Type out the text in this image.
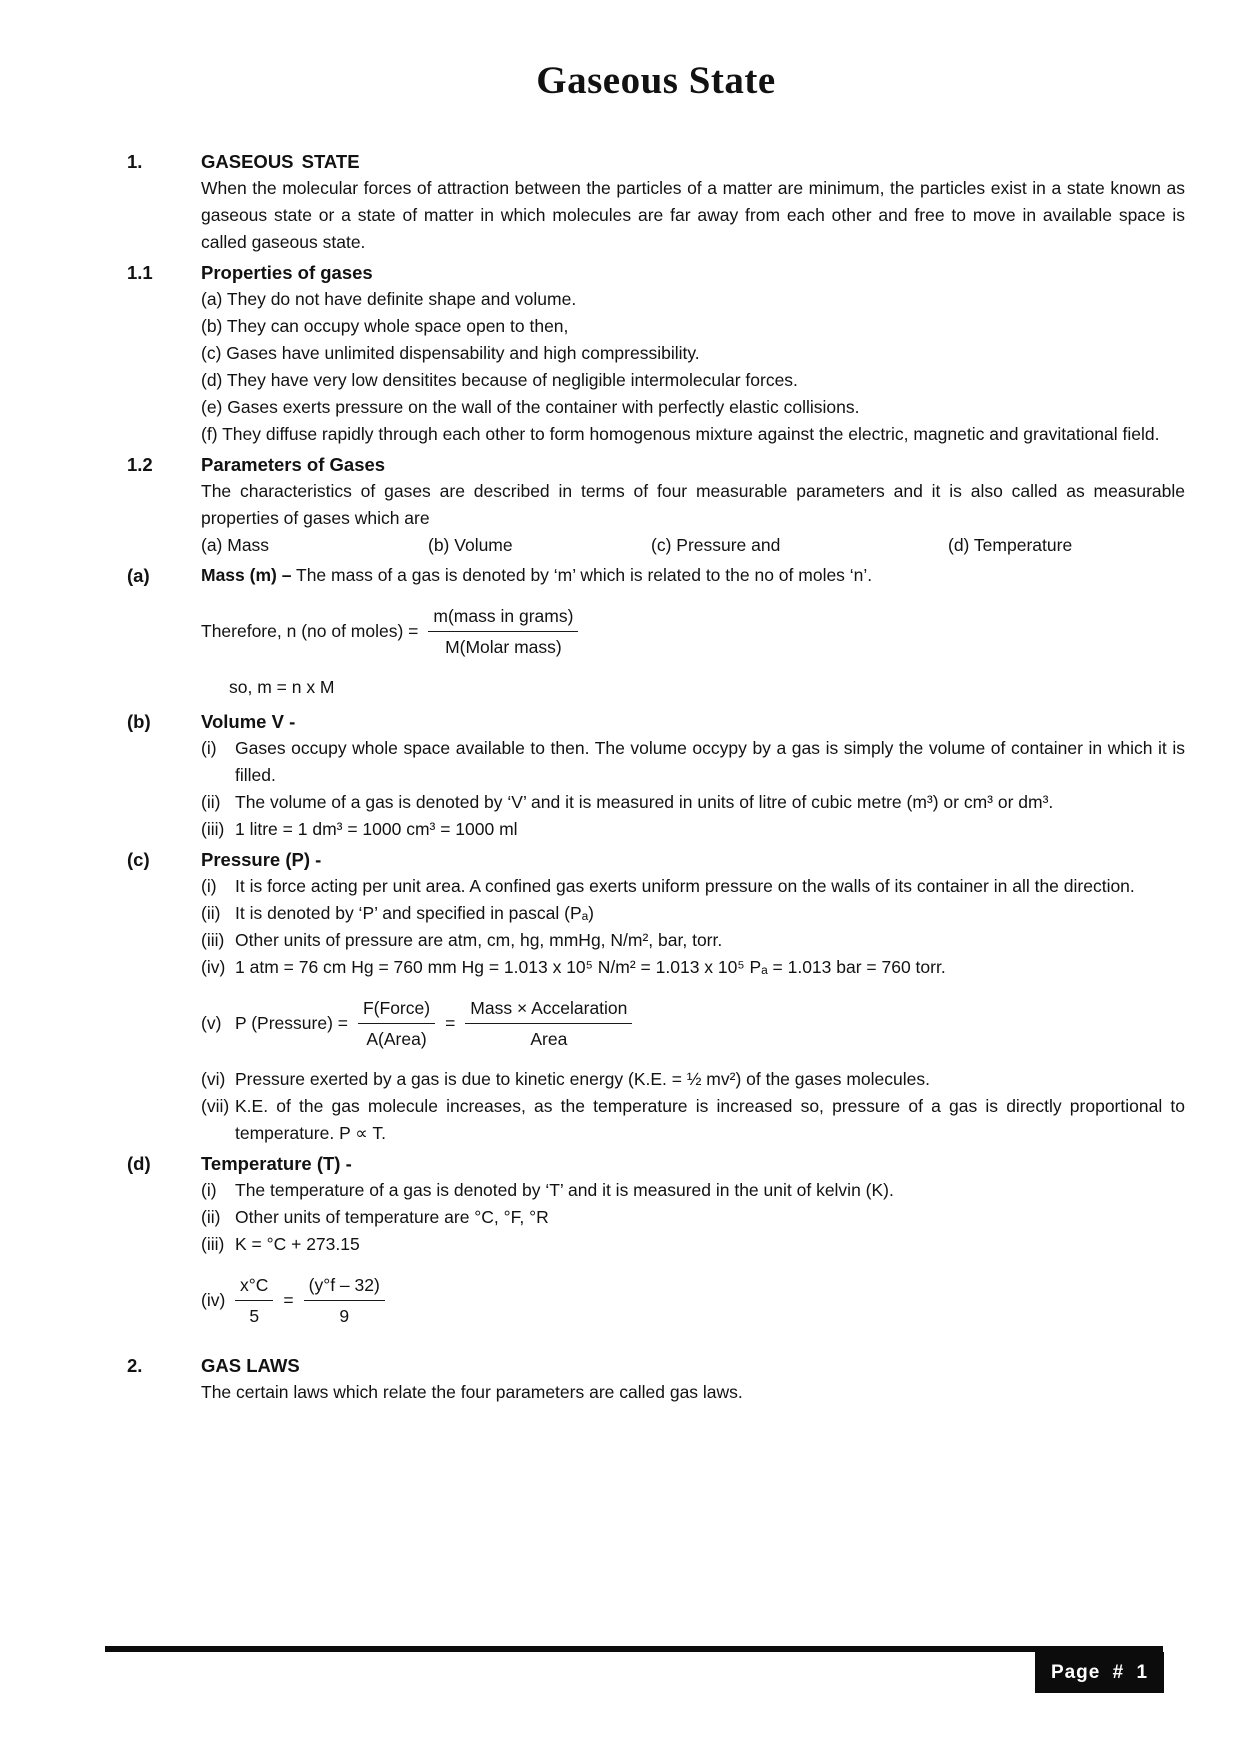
Gaseous State
1.	GASEOUS STATE
When the molecular forces of attraction between the particles of a matter are minimum, the particles exist in a state known as gaseous state or a state of matter in which molecules are far away from each other and free to move in available space is called gaseous state.
1.1	Properties of gases
(a) They do not have definite shape and volume.
(b) They can occupy whole space open to then,
(c) Gases have unlimited dispensability and high compressibility.
(d) They have very low densitites because of negligible intermolecular forces.
(e) Gases exerts pressure on the wall of the container with perfectly elastic collisions.
(f) They diffuse rapidly through each other to form homogenous mixture against the electric, magnetic and gravitational field.
1.2	Parameters of Gases
The characteristics of gases are described in terms of four measurable parameters and it is also called as measurable properties of gases which are
(a) Mass	(b) Volume	(c) Pressure and	(d) Temperature
(a)	Mass (m) – The mass of a gas is denoted by ‘m’ which is related to the no of moles ‘n’.
Therefore, n (no of moles) = $\frac{\text{m(mass in grams)}}{\text{M(Molar mass)}}$
so, m = n x M
(b)	Volume V -
(i)	Gases occupy whole space available to then. The volume occypy by a gas is simply the volume of container in which it is filled.
(ii) The volume of a gas is denoted by ‘V’ and it is measured in units of litre of cubic metre (m³) or cm³ or dm³.
(iii) 1 litre = 1 dm³ = 1000 cm³ = 1000 ml
(c)	Pressure (P) -
(i)	It is force acting per unit area. A confined gas exerts uniform pressure on the walls of its container in all the direction.
(ii) It is denoted by ‘P’ and specified in pascal (Pₐ)
(iii) Other units of pressure are atm, cm, hg, mmHg, N/m², bar, torr.
(iv) 1 atm = 76 cm Hg = 760 mm Hg = 1.013 x 10⁵ N/m² = 1.013 x 10⁵ Pₐ = 1.013 bar = 760 torr.
(v) P (Pressure) = $\frac{\text{F(Force)}}{\text{A(Area)}} = \frac{\text{Mass × Accelaration}}{\text{Area}}$
(vi) Pressure exerted by a gas is due to kinetic energy (K.E. = ½ mv²) of the gases molecules.
(vii) K.E. of the gas molecule increases, as the temperature is increased so, pressure of a gas is directly proportional to temperature. P ∝ T.
(d)	Temperature (T) -
(i)	The temperature of a gas is denoted by ‘T’ and it is measured in the unit of kelvin (K).
(ii) Other units of temperature are °C, °F, °R
(iii) K = °C + 273.15
$(iv) \frac{x^\circ C}{5} = \frac{(y^\circ f - 32)}{9}$
2.	GAS LAWS
The certain laws which relate the four parameters are called gas laws.
Page # 1
